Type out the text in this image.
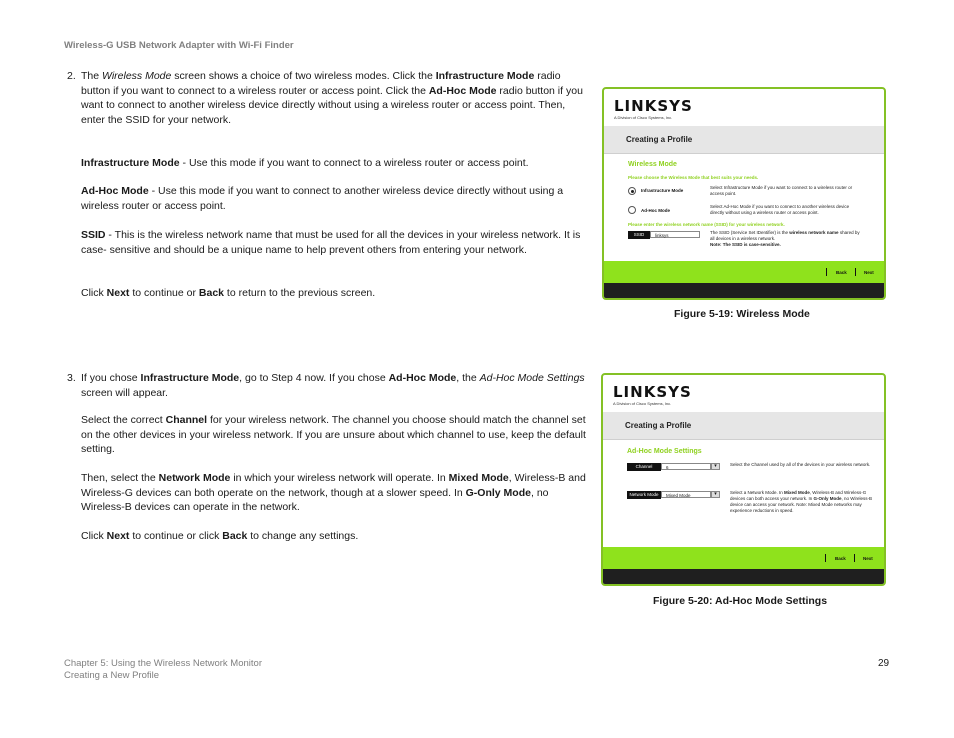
Wireless-G USB Network Adapter with Wi-Fi Finder
2. The Wireless Mode screen shows a choice of two wireless modes. Click the Infrastructure Mode radio button if you want to connect to a wireless router or access point. Click the Ad-Hoc Mode radio button if you want to connect to another wireless device directly without using a wireless router or access point. Then, enter the SSID for your network.
Infrastructure Mode - Use this mode if you want to connect to a wireless router or access point.
Ad-Hoc Mode - Use this mode if you want to connect to another wireless device directly without using a wireless router or access point.
SSID - This is the wireless network name that must be used for all the devices in your wireless network. It is case- sensitive and should be a unique name to help prevent others from entering your network.
Click Next to continue or Back to return to the previous screen.
3. If you chose Infrastructure Mode, go to Step 4 now. If you chose Ad-Hoc Mode, the Ad-Hoc Mode Settings screen will appear.
Select the correct Channel for your wireless network. The channel you choose should match the channel set on the other devices in your wireless network. If you are unsure about which channel to use, keep the default setting.
Then, select the Network Mode in which your wireless network will operate. In Mixed Mode, Wireless-B and Wireless-G devices can both operate on the network, though at a slower speed. In G-Only Mode, no Wireless-B devices can operate in the network.
Click Next to continue or click Back to change any settings.
LINKSYS
A Division of Cisco Systems, Inc.
Creating a Profile
Wireless Mode
Please choose the Wireless Mode that best suits your needs.
Infrastructure Mode
Select Infrastructure Mode if you want to connect to a wireless router or access point.
Ad-Hoc Mode
Select Ad-Hoc Mode if you want to connect to another wireless device directly without using a wireless router or access point.
Please enter the wireless network name (SSID) for your wireless network.
SSID	linksys
The SSID (Service Set IDentifier) is the wireless network name shared by all devices in a wireless network.
Note: The SSID is case-sensitive.
Back	Next
Figure 5-19: Wireless Mode
LINKSYS
A Division of Cisco Systems, Inc.
Creating a Profile
Ad-Hoc Mode Settings
Channel	6	▾	Select the Channel used by all of the devices in your wireless network.
Network Mode	Mixed Mode	▾	Select a Network Mode. In Mixed Mode, Wireless-B and Wireless-G devices can both access your network. In G-Only Mode, no Wireless-B device can access your network. Note: Mixed Mode networks may experience reductions in speed.
Back	Next
Figure 5-20: Ad-Hoc Mode Settings
Chapter 5: Using the Wireless Network Monitor
Creating a New Profile
29
